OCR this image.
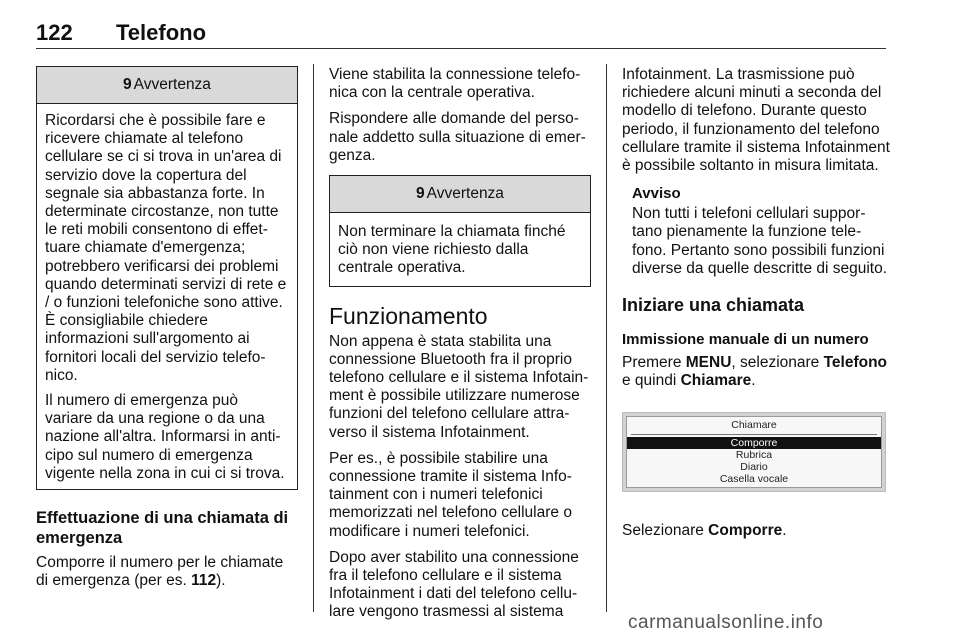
122 Telefono
9 Avvertenza

Ricordarsi che è possibile fare e ricevere chiamate al telefono cellulare se ci si trova in un'area di servizio dove la copertura del segnale sia abbastanza forte. In determinate circostanze, non tutte le reti mobili consentono di effettuare chiamate d'emergenza; potrebbero verificarsi dei problemi quando determinati servizi di rete e / o funzioni telefoniche sono attive. È consigliabile chiedere informazioni sull'argomento ai fornitori locali del servizio telefonico.

Il numero di emergenza può variare da una regione o da una nazione all'altra. Informarsi in anticipo sul numero di emergenza vigente nella zona in cui ci si trova.

Effettuazione di una chiamata di emergenza

Comporre il numero per le chiamate di emergenza (per es. 112).

Viene stabilita la connessione telefonica con la centrale operativa.

Rispondere alle domande del personale addetto sulla situazione di emergenza.

9 Avvertenza

Non terminare la chiamata finché ciò non viene richiesto dalla centrale operativa.

Funzionamento

Non appena è stata stabilita una connessione Bluetooth fra il proprio telefono cellulare e il sistema Infotainment è possibile utilizzare numerose funzioni del telefono cellulare attraverso il sistema Infotainment.

Per es., è possibile stabilire una connessione tramite il sistema Infotainment con i numeri telefonici memorizzati nel telefono cellulare o modificare i numeri telefonici.

Dopo aver stabilito una connessione fra il telefono cellulare e il sistema Infotainment i dati del telefono cellulare vengono trasmessi al sistema

Infotainment. La trasmissione può richiedere alcuni minuti a seconda del modello di telefono. Durante questo periodo, il funzionamento del telefono cellulare tramite il sistema Infotainment è possibile soltanto in misura limitata.

Avviso
Non tutti i telefoni cellulari supportano pienamente la funzione telefono. Pertanto sono possibili funzioni diverse da quelle descritte di seguito.
Iniziare una chiamata
Immissione manuale di un numero

Premere MENU, selezionare Telefono e quindi Chiamare.

Chiamare
Comporre
Rubrica
Diario
Casella vocale

Selezionare Comporre.

carmanualsonline.info
